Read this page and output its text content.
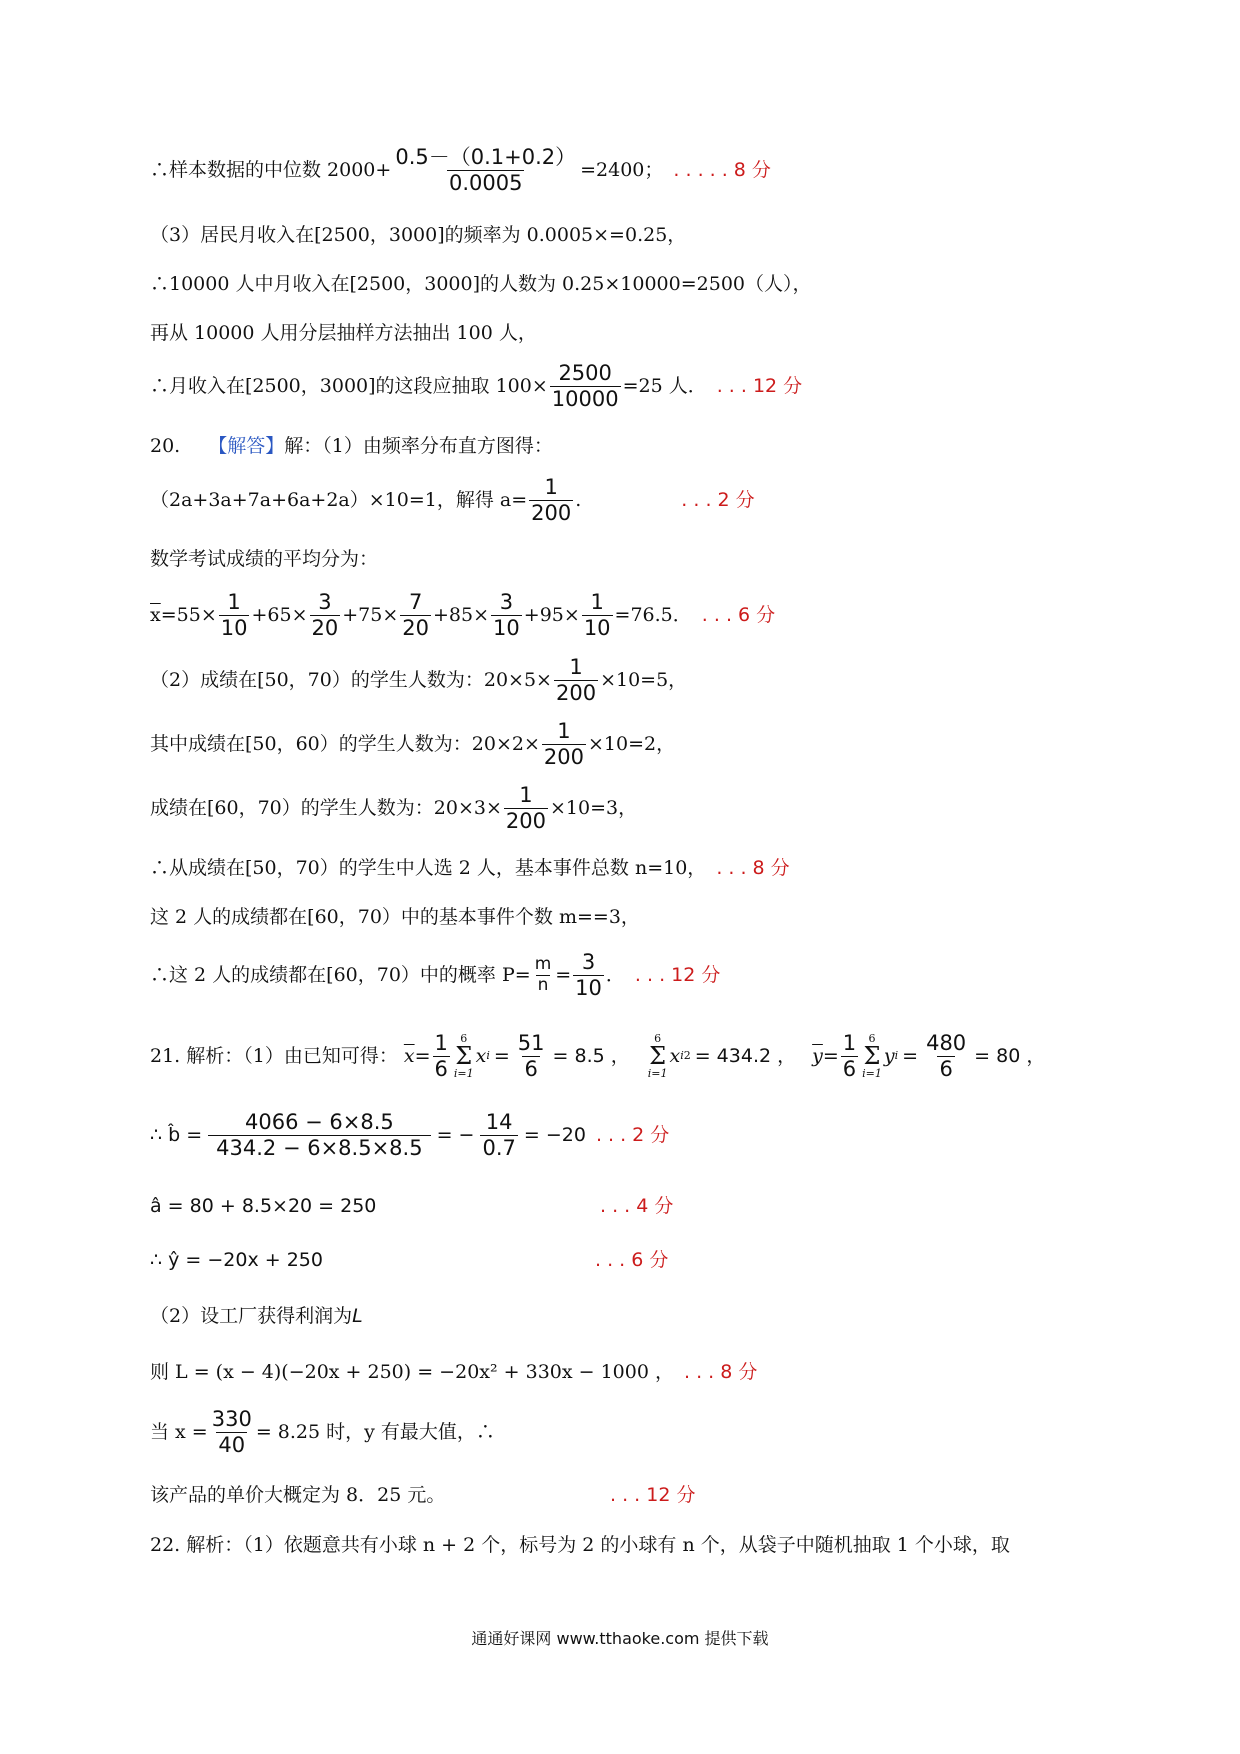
∴样本数据的中位数 $2000+ \frac{0.5-(0.1+0.2)}{0.0005} =2400$； . . . . . 8 分
（3）居民月收入在[2500，3000]的频率为 0.0005×=0.25，
∴10000 人中月收入在[2500，3000]的人数为 0.25×10000=2500（人），
再从 10000 人用分层抽样方法抽出 100 人，
∴月收入在[2500，3000]的这段应抽取 $100\times \frac{2500}{10000} =25$ 人． . . . 12 分
20. 【解答】解：（1）由频率分布直方图得：
（2a+3a+7a+6a+2a）×10=1，解得 $a= \frac{1}{200}$ .	. . . 2 分
数学考试成绩的平均分为：
$\overline{x} =55\times \frac{1}{10} +65\times \frac{3}{20} +75\times \frac{7}{20} +85\times \frac{3}{10} +95\times \frac{1}{10} =76.5$． . . . 6 分
（2）成绩在[50，70）的学生人数为：$20\times 5\times \frac{1}{200} \times 10=5$，
其中成绩在[50，60）的学生人数为：$20\times 2\times \frac{1}{200} \times 10=2$，
成绩在[60，70）的学生人数为：$20\times 3\times \frac{1}{200} \times 10=3$，
∴从成绩在[50，70）的学生中人选 2 人，基本事件总数 n=10， . . . 8 分
这 2 人的成绩都在[60，70）中的基本事件个数 m==3，
∴这 2 人的成绩都在[60，70）中的概率 $P= \frac{m}{n} = \frac{3}{10}$ ． . . . 12 分
21. 解析：（1）由已知可得： $\overline{x} = \frac{1}{6} 6$
Σ
i=1
x $i = \frac{51}{6} = 8.5$ ，
6
Σ
i=1
x i 2 = 434.2 ， $\overline{y} = \frac{1}{6} 6$
Σ
i=1
y $i = \frac{480}{6} = 80$ ，
∴ b̂ = $\frac{4066 - 6\times 8.5}{434.2 - 6\times 8.5\times 8.5}$ = − $\frac{14}{0.7} = -20$ . . . 2 分
â = 80 + 8.5×20 = 250	. . . 4 分
∴ ŷ = −20x + 250	. . . 6 分
（2）设工厂获得利润为L
则 L = (x − 4)(−20x + 250) = −20x² + 330x − 1000 ， . . . 8 分
当 $x = \frac{330}{40} = 8.25$ 时，y 有最大值，∴
该产品的单价大概定为 8．25 元。	. . . 12 分
22. 解析：（1）依题意共有小球 n + 2 个，标号为 2 的小球有 n 个，从袋子中随机抽取 1 个小球，取
通通好课网 www.tthaoke.com 提供下载
